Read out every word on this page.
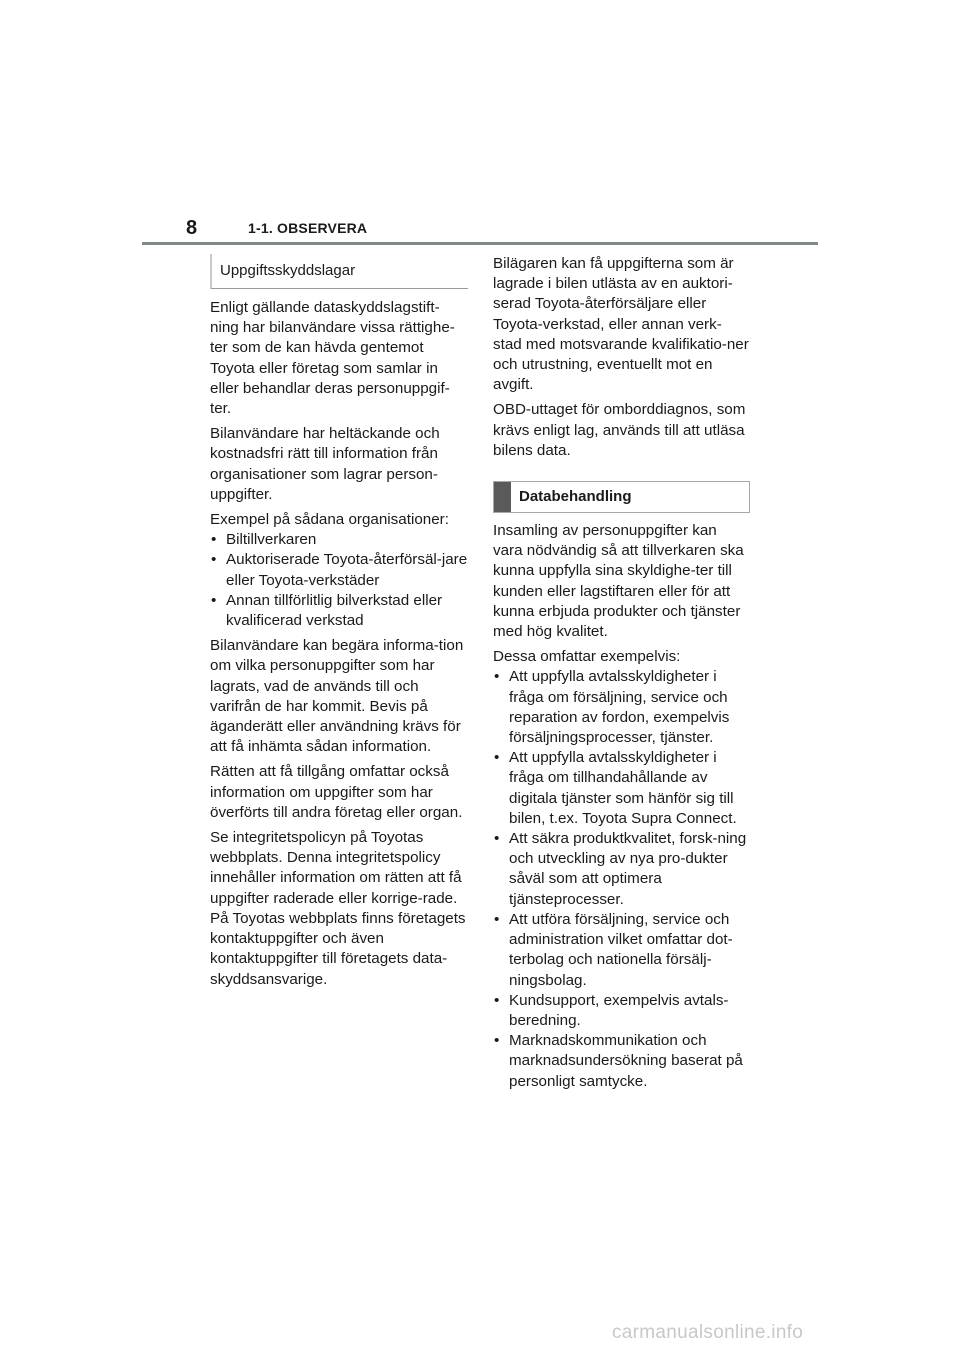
8	1-1. OBSERVERA
Uppgiftsskyddslagar

Enligt gällande dataskyddslagstift-ning har bilanvändare vissa rättighe-ter som de kan hävda gentemot Toyota eller företag som samlar in eller behandlar deras personuppgif-ter.

Bilanvändare har heltäckande och kostnadsfri rätt till information från organisationer som lagrar person-uppgifter.

Exempel på sådana organisationer:

• Biltillverkaren
• Auktoriserade Toyota-återförsäl-jare eller Toyota-verkstäder
• Annan tillförlitlig bilverkstad eller kvalificerad verkstad

Bilanvändare kan begära informa-tion om vilka personuppgifter som har lagrats, vad de används till och varifrån de har kommit. Bevis på äganderätt eller användning krävs för att få inhämta sådan information.

Rätten att få tillgång omfattar också information om uppgifter som har överförts till andra företag eller organ.

Se integritetspolicyn på Toyotas webbplats. Denna integritetspolicy innehåller information om rätten att få uppgifter raderade eller korrige-rade. På Toyotas webbplats finns företagets kontaktuppgifter och även kontaktuppgifter till företagets data-skyddsansvarige.

Bilägaren kan få uppgifterna som är lagrade i bilen utlästa av en auktori-serad Toyota-återförsäljare eller Toyota-verkstad, eller annan verk-stad med motsvarande kvalifikatio-ner och utrustning, eventuellt mot en avgift.

OBD-uttaget för omborddiagnos, som krävs enligt lag, används till att utläsa bilens data.

Databehandling

Insamling av personuppgifter kan vara nödvändig så att tillverkaren ska kunna uppfylla sina skyldighe-ter till kunden eller lagstiftaren eller för att kunna erbjuda produkter och tjänster med hög kvalitet.

Dessa omfattar exempelvis:

• Att uppfylla avtalsskyldigheter i fråga om försäljning, service och reparation av fordon, exempelvis försäljningsprocesser, tjänster.
• Att uppfylla avtalsskyldigheter i fråga om tillhandahållande av digitala tjänster som hänför sig till bilen, t.ex. Toyota Supra Connect.
• Att säkra produktkvalitet, forsk-ning och utveckling av nya pro-dukter såväl som att optimera tjänsteprocesser.
• Att utföra försäljning, service och administration vilket omfattar dot-terbolag och nationella försälj-ningsbolag.
• Kundsupport, exempelvis avtals-beredning.
• Marknadskommunikation och marknadsundersökning baserat på personligt samtycke.
carmanualsonline.info
